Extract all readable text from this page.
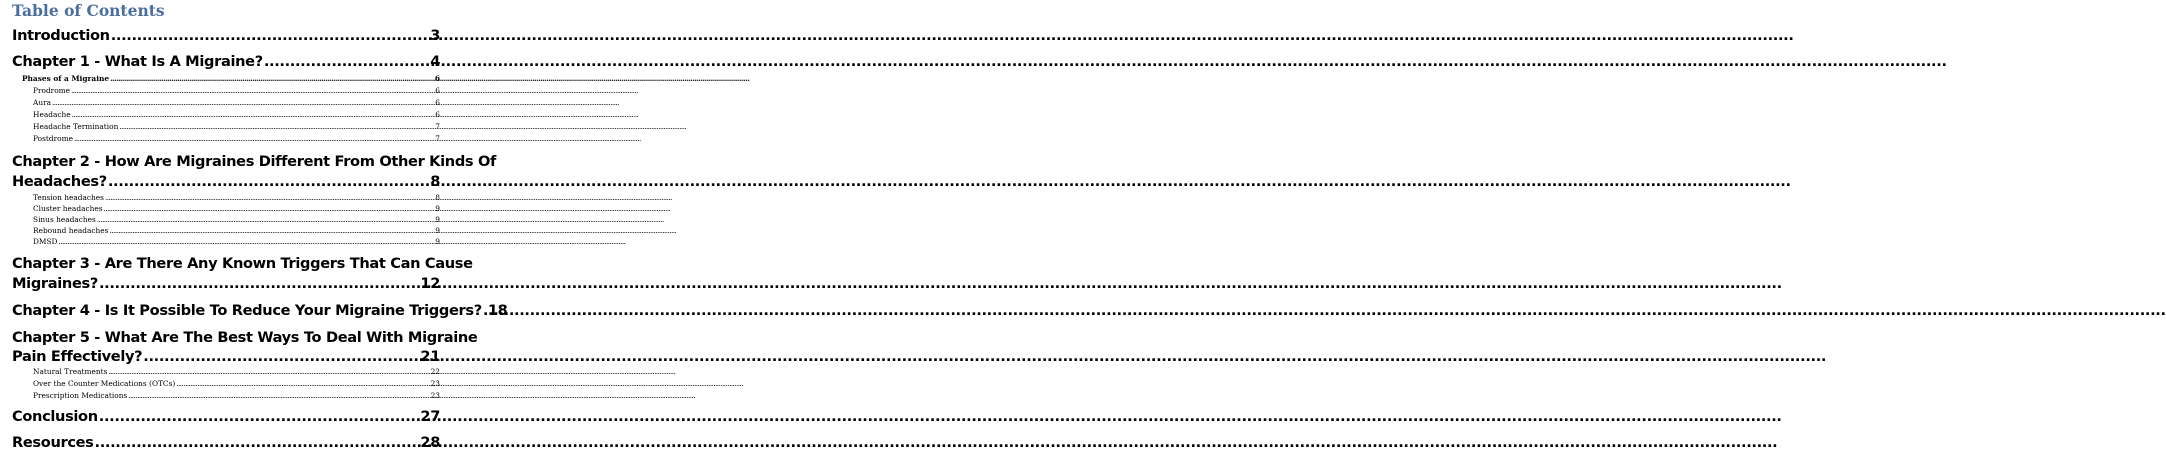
Table of Contents
Introduction .....	3
Chapter 1 - What Is A Migraine? .....	4
Phases of a Migraine .....	6
Prodrome .....	6
Aura .....	6
Headache .....	6
Headache Termination .....	7
Postdrome .....	7
Chapter 2 - How Are Migraines Different From Other Kinds Of
Headaches? .....	8
Tension headaches .....	8
Cluster headaches .....	9
Sinus headaches .....	9
Rebound headaches .....	9
DMSD .....	9
Chapter 3 - Are There Any Known Triggers That Can Cause
Migraines? .....	12
Chapter 4 - Is It Possible To Reduce Your Migraine Triggers? ..... 18
Chapter 5 - What Are The Best Ways To Deal With Migraine
Pain Effectively? .....	21
Natural Treatments .....	22
Over the Counter Medications (OTCs) .....	23
Prescription Medications .....	23
Conclusion .....	27
Resources .....	28
